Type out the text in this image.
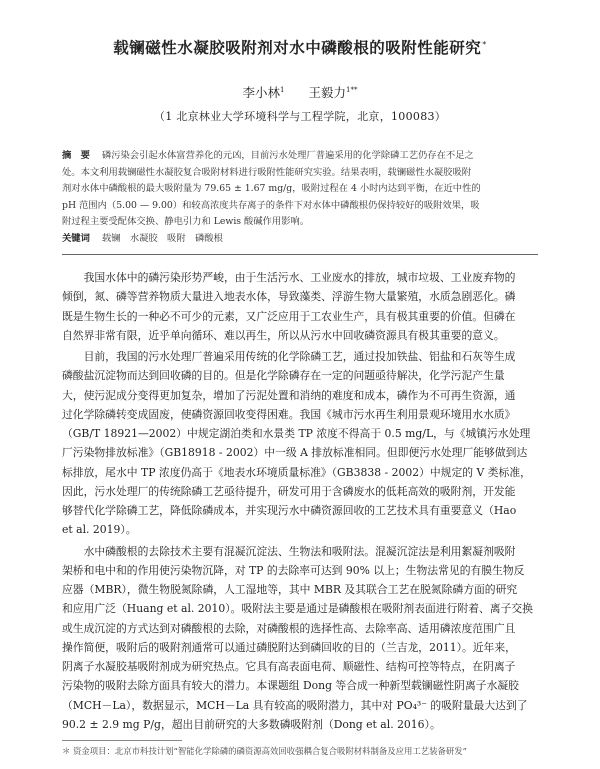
载镧磁性水凝胶吸附剂对水中磷酸根的吸附性能研究*
李小林$^1$ 王毅力$^{1**}$
（1 北京林业大学环境科学与工程学院，北京，100083）
摘　要 磷污染会引起水体富营养化的元凶，目前污水处理厂普遍采用的化学除磷工艺仍存在不足之
处。本文利用载镧磁性水凝胶复合吸附材料进行吸附性能研究实验。结果表明，载镧磁性水凝胶吸附
剂对水体中磷酸根的最大吸附量为 79.65 ± 1.67 mg/g，吸附过程在 4 小时内达到平衡，在近中性的
pH 范围内（5.00 — 9.00）和较高浓度共存离子的条件下对水体中磷酸根仍保持较好的吸附效果，吸
附过程主要受配体交换、静电引力和 Lewis 酸碱作用影响。
关键词 载镧　 水凝胶　 吸附　 磷酸根
　　我国水体中的磷污染形势严峻，由于生活污水、工业废水的排放，城市垃圾、工业废弃物的
倾倒，氮、磷等营养物质大量进入地表水体，导致藻类、浮游生物大量繁殖，水质急剧恶化。磷
既是生物生长的一种必不可少的元素，又广泛应用于工农业生产，具有极其重要的价值。但磷在
自然界非常有限，近乎单向循环、难以再生，所以从污水中回收磷资源具有极其重要的意义。
　　目前，我国的污水处理厂普遍采用传统的化学除磷工艺，通过投加铁盐、铝盐和石灰等生成
磷酸盐沉淀物而达到回收磷的目的。但是化学除磷存在一定的问题亟待解决，化学污泥产生量
大，使污泥成分变得更加复杂，增加了污泥处置和消纳的难度和成本，磷作为不可再生资源，通
过化学除磷转变成固废，使磷资源回收变得困难。我国《城市污水再生利用景观环境用水水质》
（GB/T 18921—2002）中规定湖泊类和水景类 TP 浓度不得高于 0.5 mg/L，与《城镇污水处理
厂污染物排放标准》（GB18918 - 2002）中一级 A 排放标准相同。但即便污水处理厂能够做到达
标排放，尾水中 TP 浓度仍高于《地表水环境质量标准》（GB3838 - 2002）中规定的 V 类标准，
因此，污水处理厂的传统除磷工艺亟待提升，研发可用于含磷废水的低耗高效的吸附剂，开发能
够替代化学除磷工艺，降低除磷成本，并实现污水中磷资源回收的工艺技术具有重要意义（Hao
et al. 2019）。
　　水中磷酸根的去除技术主要有混凝沉淀法、生物法和吸附法。混凝沉淀法是利用絮凝剂吸附
架桥和电中和的作用使污染物沉降，对 TP 的去除率可达到 90% 以上；生物法常见的有膜生物反
应器（MBR），微生物脱氮除磷，人工湿地等，其中 MBR 及其联合工艺在脱氮除磷方面的研究
和应用广泛（Huang et al. 2010）。吸附法主要是通过是磷酸根在吸附剂表面进行附着、离子交换
或生成沉淀的方式达到对磷酸根的去除，对磷酸根的选择性高、去除率高、适用磷浓度范围广且
操作简便，吸附后的吸附剂通常可以通过磷脱附达到磷回收的目的（兰吉龙，2011）。近年来，
阴离子水凝胶基吸附剂成为研究热点。它具有高表面电荷、顺磁性、结构可控等特点，在阴离子
污染物的吸附去除方面具有较大的潜力。本课题组 Dong 等合成一种新型载镧磁性阴离子水凝胶
（MCH－La），数据显示，MCH－La 具有较高的吸附潜力，其中对 PO₄³⁻ 的吸附量最大达到了
90.2 ± 2.9 mg P/g，超出目前研究的大多数磷吸附剂（Dong et al. 2016）。
＊ 资金项目：北京市科技计划“智能化学除磷的磷资源高效回收强耦合复合吸附材料制备及应用工艺装备研发”
